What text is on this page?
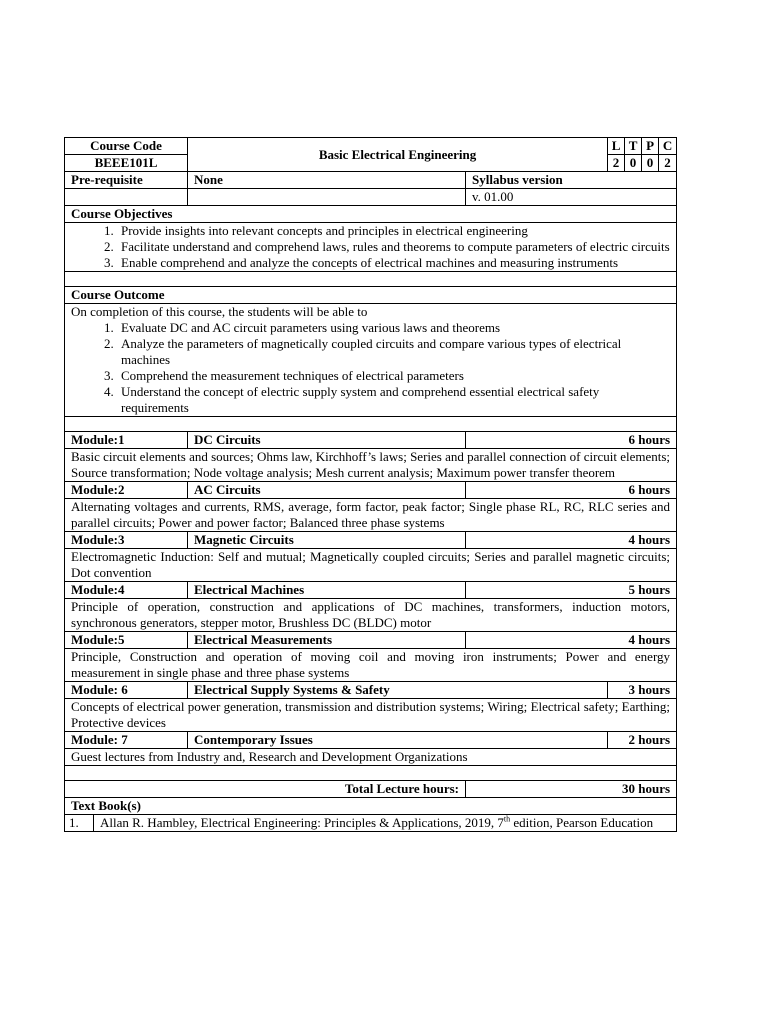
Course Code	Basic Electrical Engineering	L	T	P	C
BEEE101L	2	0	0	2
Pre-requisite	None	Syllabus version
		v. 01.00
Course Objectives

1. Provide insights into relevant concepts and principles in electrical engineering
2. Facilitate understand and comprehend laws, rules and theorems to compute parameters of electric circuits
3. Enable comprehend and analyze the concepts of electrical machines and measuring instruments

Course Outcome

On completion of this course, the students will be able to
1. Evaluate DC and AC circuit parameters using various laws and theorems
2. Analyze the parameters of magnetically coupled circuits and compare various types of electrical machines
3. Comprehend the measurement techniques of electrical parameters
4. Understand the concept of electric supply system and comprehend essential electrical safety requirements

Module:1	DC Circuits	6 hours
Basic circuit elements and sources; Ohms law, Kirchhoff’s laws; Series and parallel connection of circuit elements; Source transformation; Node voltage analysis; Mesh current analysis; Maximum power transfer theorem
Module:2	AC Circuits	6 hours
Alternating voltages and currents, RMS, average, form factor, peak factor; Single phase RL, RC, RLC series and parallel circuits; Power and power factor; Balanced three phase systems
Module:3	Magnetic Circuits	4 hours
Electromagnetic Induction: Self and mutual; Magnetically coupled circuits; Series and parallel magnetic circuits; Dot convention
Module:4	Electrical Machines	5 hours
Principle of operation, construction and applications of DC machines, transformers, induction motors, synchronous generators, stepper motor, Brushless DC (BLDC) motor
Module:5	Electrical Measurements	4 hours
Principle, Construction and operation of moving coil and moving iron instruments; Power and energy measurement in single phase and three phase systems
Module: 6	Electrical Supply Systems & Safety	3 hours
Concepts of electrical power generation, transmission and distribution systems; Wiring; Electrical safety; Earthing; Protective devices
Module: 7	Contemporary Issues	2 hours
Guest lectures from Industry and, Research and Development Organizations

Total Lecture hours:	30 hours
Text Book(s)

1.	Allan R. Hambley, Electrical Engineering: Principles & Applications, 2019, 7th edition, Pearson Education
